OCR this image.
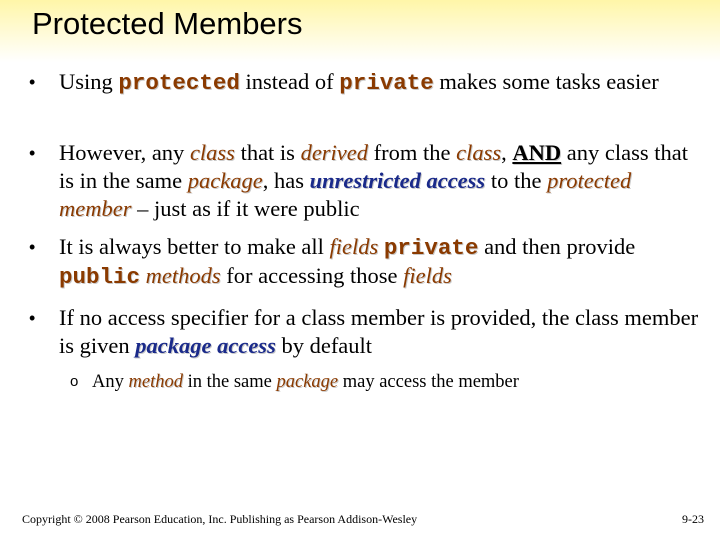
Protected Members
•	Using protected instead of private makes some tasks easier
•	However, any class that is derived from the class, AND any class that is in the same package, has unrestricted access to the protected member – just as if it were public
•	It is always better to make all fields private and then provide public methods for accessing those fields
•	If no access specifier for a class member is provided, the class member is given package access by default
o Any method in the same package may access the member
Copyright © 2008 Pearson Education, Inc. Publishing as Pearson Addison-Wesley	9-23
